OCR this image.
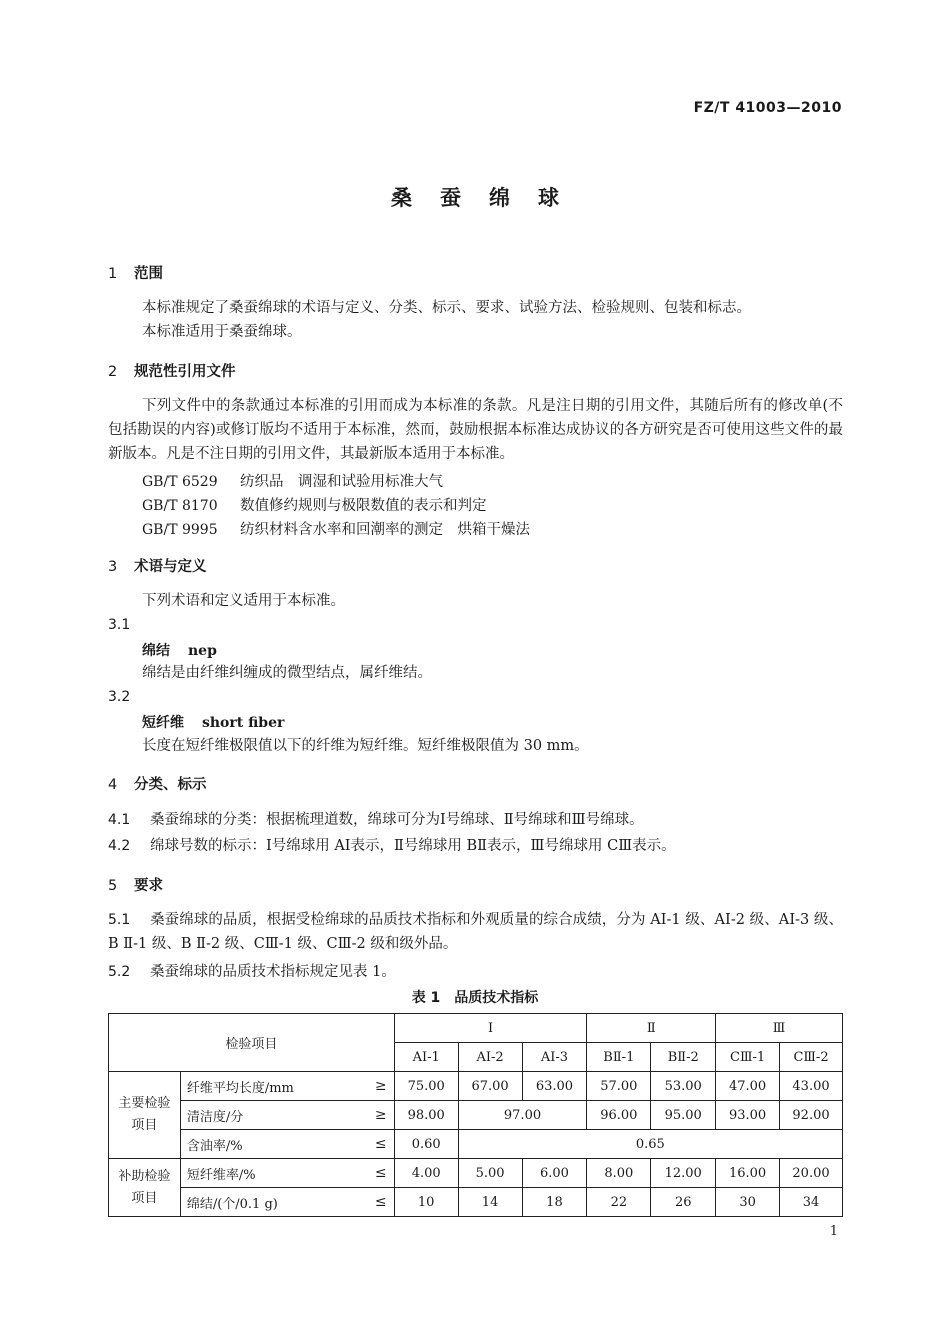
FZ/T 41003—2010
桑蚕绵球
1 范围
本标准规定了桑蚕绵球的术语与定义、分类、标示、要求、试验方法、检验规则、包装和标志。
本标准适用于桑蚕绵球。
2 规范性引用文件
下列文件中的条款通过本标准的引用而成为本标准的条款。凡是注日期的引用文件，其随后所有的修改单(不包括勘误的内容)或修订版均不适用于本标准，然而，鼓励根据本标准达成协议的各方研究是否可使用这些文件的最新版本。凡是不注日期的引用文件，其最新版本适用于本标准。
GB/T 6529 纺织品　调湿和试验用标准大气
GB/T 8170 数值修约规则与极限数值的表示和判定
GB/T 9995 纺织材料含水率和回潮率的测定　烘箱干燥法
3 术语与定义
下列术语和定义适用于本标准。
3.1
绵结 nep
绵结是由纤维纠缠成的微型结点，属纤维结。
3.2
短纤维 short fiber
长度在短纤维极限值以下的纤维为短纤维。短纤维极限值为 30 mm。
4 分类、标示
4.1 桑蚕绵球的分类：根据梳理道数，绵球可分为Ⅰ号绵球、Ⅱ号绵球和Ⅲ号绵球。
4.2 绵球号数的标示：Ⅰ号绵球用 AⅠ表示，Ⅱ号绵球用 BⅡ表示，Ⅲ号绵球用 CⅢ表示。
5 要求
5.1 桑蚕绵球的品质，根据受检绵球的品质技术指标和外观质量的综合成绩，分为 AⅠ-1 级、AⅠ-2 级、AⅠ-3 级、B Ⅱ-1 级、B Ⅱ-2 级、CⅢ-1 级、CⅢ-2 级和级外品。
5.2 桑蚕绵球的品质技术指标规定见表 1。
表 1　品质技术指标
检验项目			Ⅰ			Ⅱ		Ⅲ	
			AⅠ-1	AⅠ-2	AⅠ-3	BⅡ-1	BⅡ-2	CⅢ-1	CⅢ-2
主要检验项目	纤维平均长度/mm	≥	75.00	67.00	63.00	57.00	53.00	47.00	43.00
	清洁度/分	≥	98.00	97.00		96.00	95.00	93.00	92.00
	含油率/%	≤	0.60	0.65					
补助检验项目	短纤维率/%	≤	4.00	5.00	6.00	8.00	12.00	16.00	20.00
	绵结/(个/0.1 g)	≤	10	14	18	22	26	30	34
1
